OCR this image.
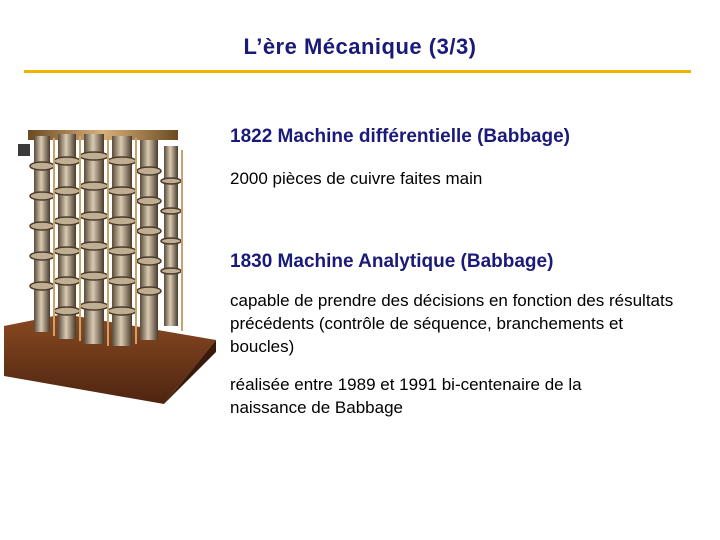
L’ère Mécanique (3/3)
1822 Machine différentielle (Babbage)
2000 pièces de cuivre faites main
1830 Machine Analytique (Babbage)
capable de prendre des décisions en fonction des résultats précédents (contrôle de séquence, branchements et boucles)
réalisée entre 1989 et 1991 bi-centenaire de la naissance de Babbage
